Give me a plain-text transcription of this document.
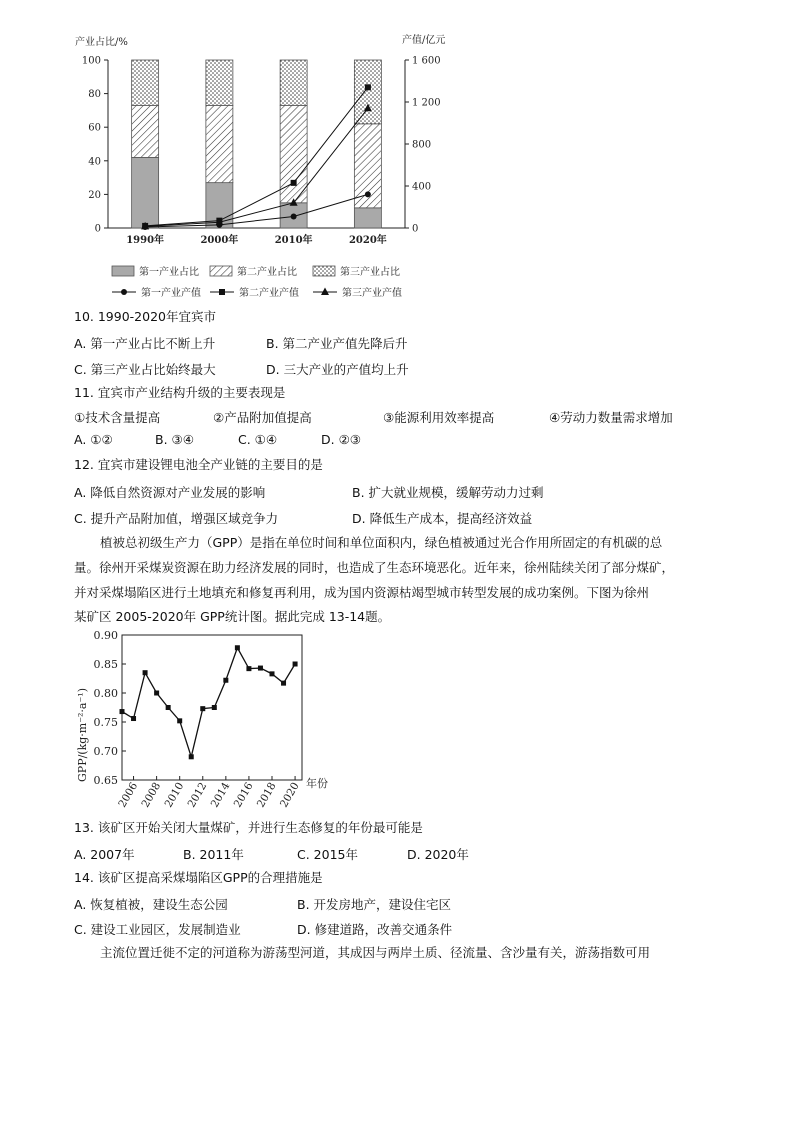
产业占比/%	产值/亿元
0
20
40
60
80
100
0
400
800
1 200
1 600
1990年	2000年	2010年	2020年
第一产业占比	第二产业占比	第三产业占比
第一产业产值	第二产业产值	第三产业产值
10. 1990-2020年宜宾市
A. 第一产业占比不断上升	B. 第二产业产值先降后升
C. 第三产业占比始终最大	D. 三大产业的产值均上升
11. 宜宾市产业结构升级的主要表现是
①技术含量提高	②产品附加值提高	③能源利用效率提高	④劳动力数量需求增加
A. ①②	B. ③④	C. ①④	D. ②③
12. 宜宾市建设锂电池全产业链的主要目的是
A. 降低自然资源对产业发展的影响	B. 扩大就业规模，缓解劳动力过剩
C. 提升产品附加值，增强区域竞争力	D. 降低生产成本，提高经济效益
植被总初级生产力（GPP）是指在单位时间和单位面积内，绿色植被通过光合作用所固定的有机碳的总
量。徐州开采煤炭资源在助力经济发展的同时，也造成了生态环境恶化。近年来，徐州陆续关闭了部分煤矿，
并对采煤塌陷区进行土地填充和修复再利用，成为国内资源枯竭型城市转型发展的成功案例。下图为徐州
某矿区 2005-2020年 GPP统计图。据此完成 13-14题。
GPP/(kg·m⁻²·a⁻¹)
年份
0.65
0.70
0.75
0.80
0.85
0.90
2006 2008 2010 2012 2014 2016 2018 2020
13. 该矿区开始关闭大量煤矿，并进行生态修复的年份最可能是
A. 2007年	B. 2011年	C. 2015年	D. 2020年
14. 该矿区提高采煤塌陷区GPP的合理措施是
A. 恢复植被，建设生态公园	B. 开发房地产，建设住宅区
C. 建设工业园区，发展制造业	D. 修建道路，改善交通条件
主流位置迁徙不定的河道称为游荡型河道，其成因与两岸土质、径流量、含沙量有关，游荡指数可用
